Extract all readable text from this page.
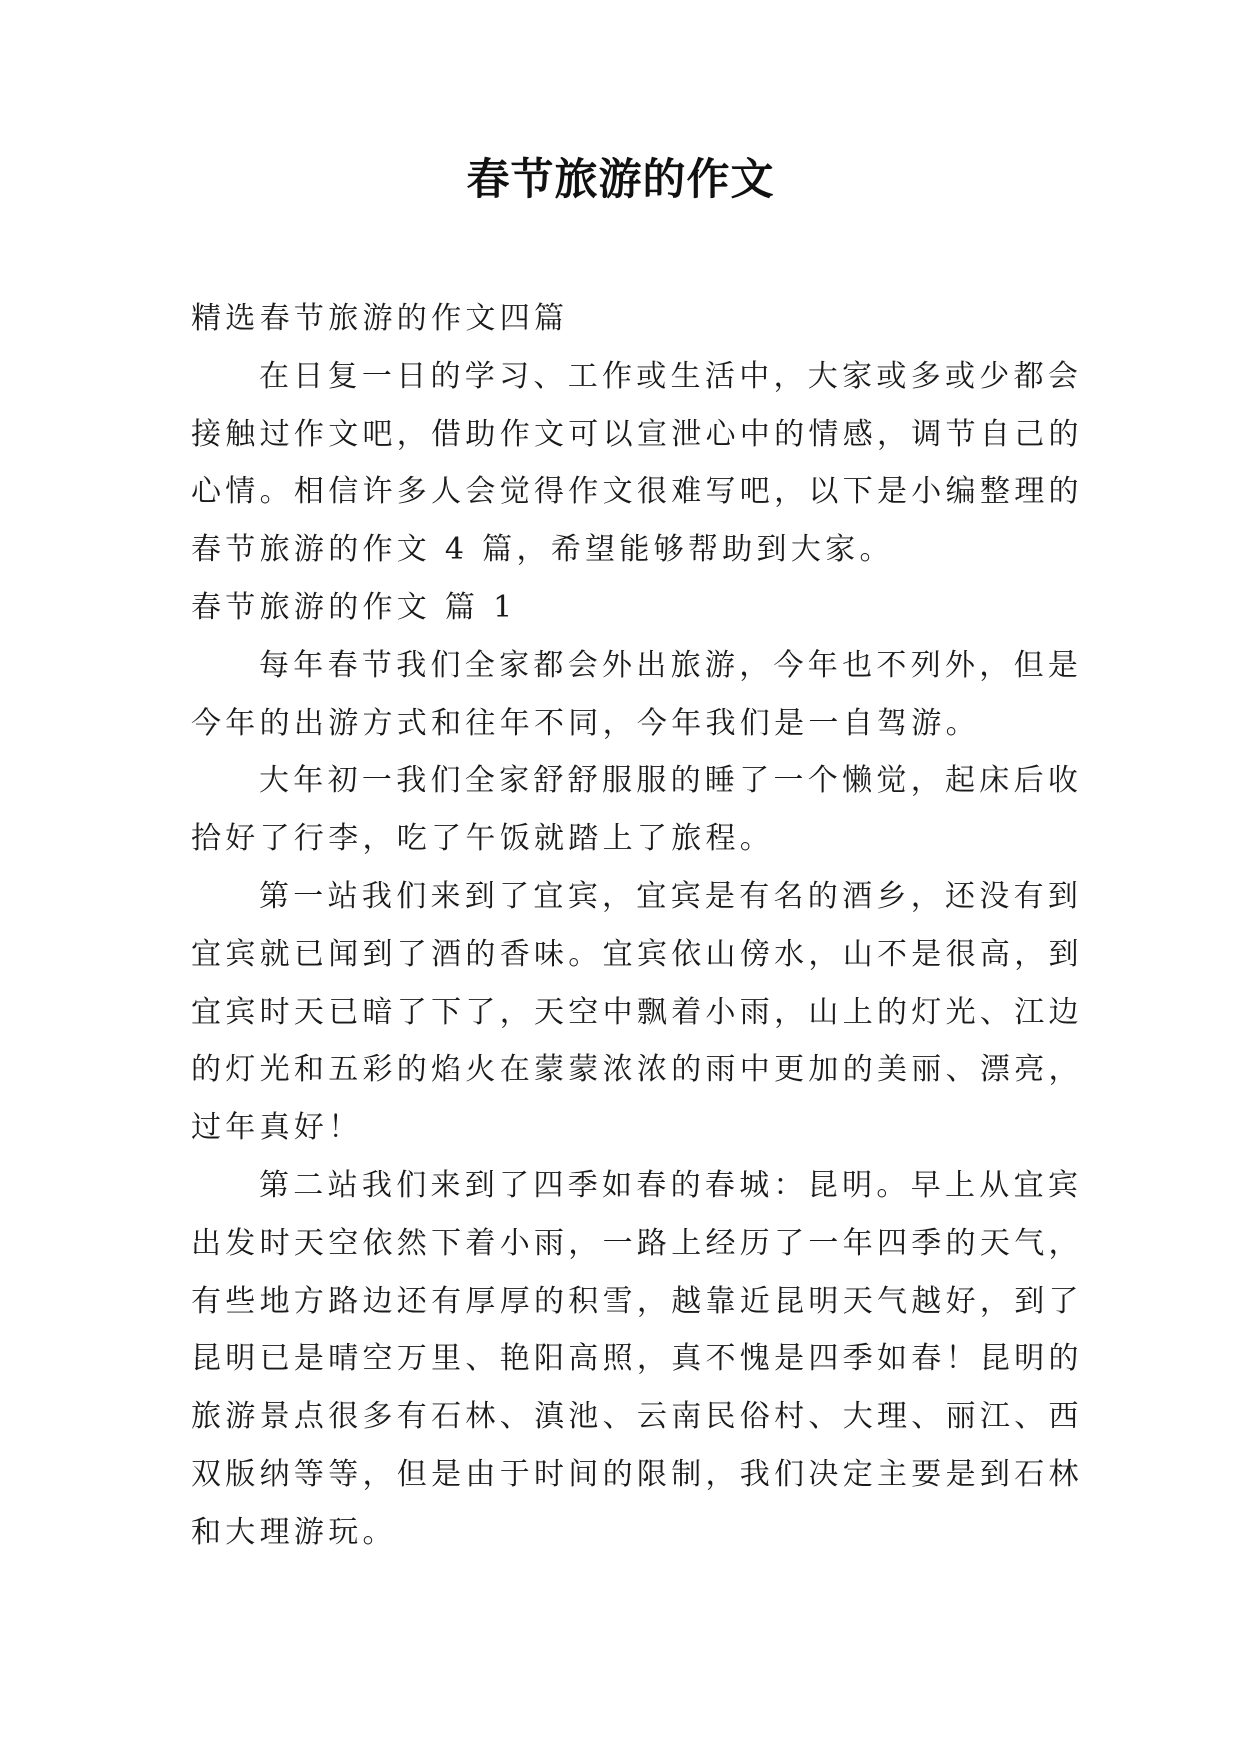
春节旅游的作文

精选春节旅游的作文四篇

在日复一日的学习、工作或生活中，大家或多或少都会

接触过作文吧，借助作文可以宣泄心中的情感，调节自己的

心情。相信许多人会觉得作文很难写吧，以下是小编整理的

春节旅游的作文 4 篇，希望能够帮助到大家。

春节旅游的作文 篇 1

每年春节我们全家都会外出旅游，今年也不列外，但是

今年的出游方式和往年不同，今年我们是一自驾游。

大年初一我们全家舒舒服服的睡了一个懒觉，起床后收

拾好了行李，吃了午饭就踏上了旅程。

第一站我们来到了宜宾，宜宾是有名的酒乡，还没有到

宜宾就已闻到了酒的香味。宜宾依山傍水，山不是很高，到

宜宾时天已暗了下了，天空中飘着小雨，山上的灯光、江边

的灯光和五彩的焰火在蒙蒙浓浓的雨中更加的美丽、漂亮，

过年真好！

第二站我们来到了四季如春的春城：昆明。早上从宜宾

出发时天空依然下着小雨，一路上经历了一年四季的天气，

有些地方路边还有厚厚的积雪，越靠近昆明天气越好，到了

昆明已是晴空万里、艳阳高照，真不愧是四季如春！昆明的

旅游景点很多有石林、滇池、云南民俗村、大理、丽江、西

双版纳等等，但是由于时间的限制，我们决定主要是到石林

和大理游玩。
